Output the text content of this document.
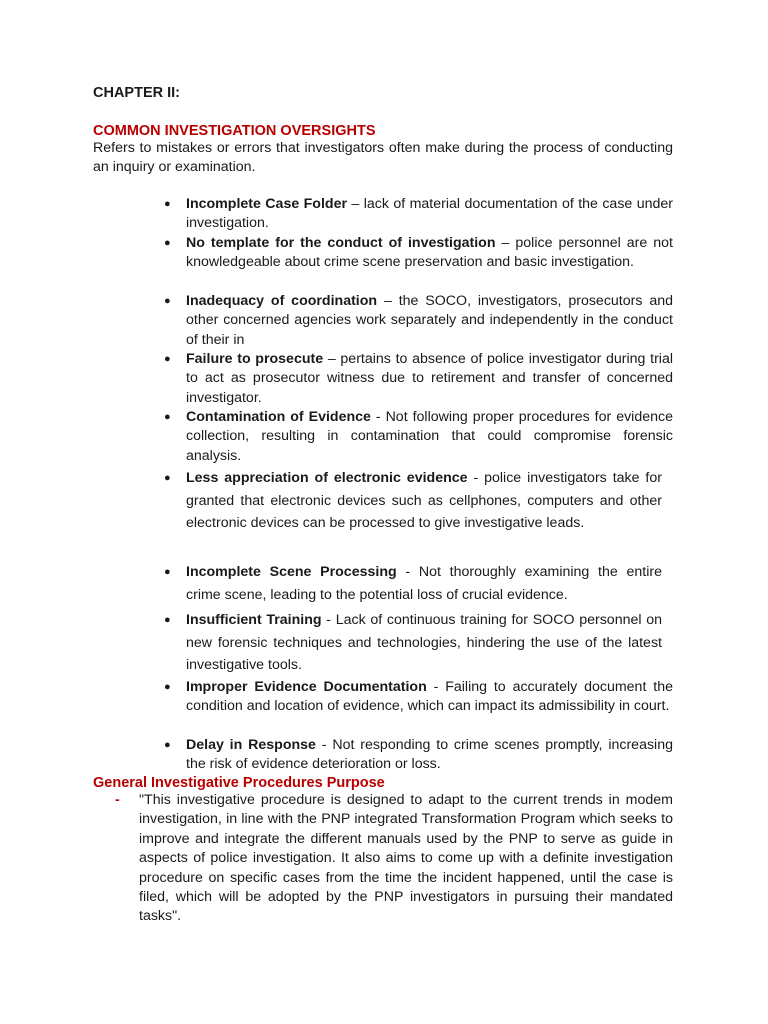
CHAPTER II:
COMMON INVESTIGATION OVERSIGHTS
Refers to mistakes or errors that investigators often make during the process of conducting an inquiry or examination.
● Incomplete Case Folder – lack of material documentation of the case under investigation.
● No template for the conduct of investigation – police personnel are not knowledgeable about crime scene preservation and basic investigation.
● Inadequacy of coordination – the SOCO, investigators, prosecutors and other concerned agencies work separately and independently in the conduct of their in
● Failure to prosecute – pertains to absence of police investigator during trial to act as prosecutor witness due to retirement and transfer of concerned investigator.
● Contamination of Evidence - Not following proper procedures for evidence collection, resulting in contamination that could compromise forensic analysis.
● Less appreciation of electronic evidence - police investigators take for granted that electronic devices such as cellphones, computers and other electronic devices can be processed to give investigative leads.
● Incomplete Scene Processing - Not thoroughly examining the entire crime scene, leading to the potential loss of crucial evidence.
● Insufficient Training - Lack of continuous training for SOCO personnel on new forensic techniques and technologies, hindering the use of the latest investigative tools.
● Improper Evidence Documentation - Failing to accurately document the condition and location of evidence, which can impact its admissibility in court.
● Delay in Response - Not responding to crime scenes promptly, increasing the risk of evidence deterioration or loss.
General Investigative Procedures Purpose
- "This investigative procedure is designed to adapt to the current trends in modem investigation, in line with the PNP integrated Transformation Program which seeks to improve and integrate the different manuals used by the PNP to serve as guide in aspects of police investigation. It also aims to come up with a definite investigation procedure on specific cases from the time the incident happened, until the case is filed, which will be adopted by the PNP investigators in pursuing their mandated tasks".
